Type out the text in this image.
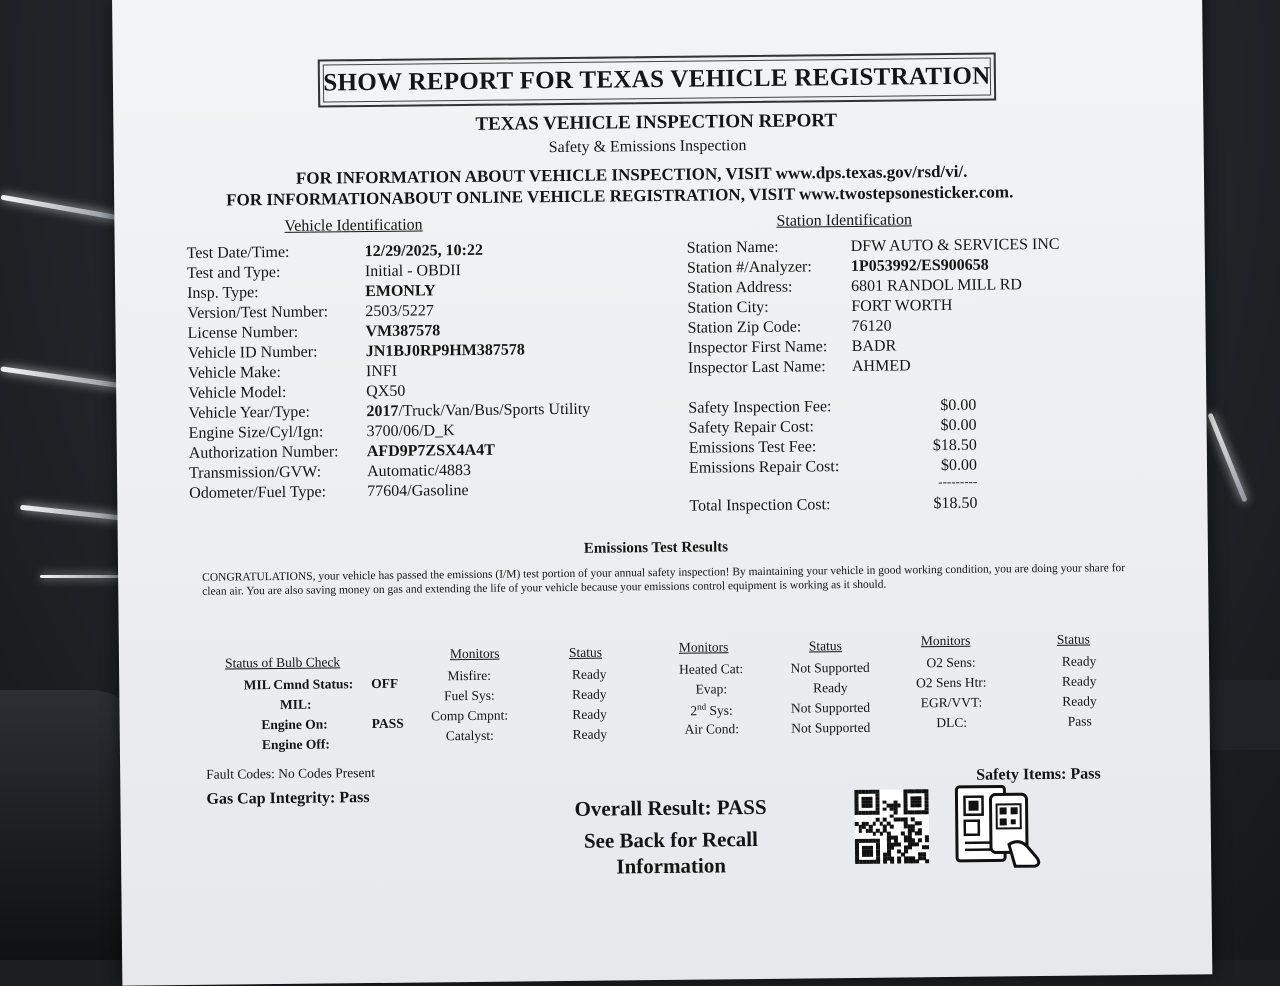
SHOW REPORT FOR TEXAS VEHICLE REGISTRATION
TEXAS VEHICLE INSPECTION REPORT
Safety & Emissions Inspection
FOR INFORMATION ABOUT VEHICLE INSPECTION, VISIT www.dps.texas.gov/rsd/vi/.
FOR INFORMATIONABOUT ONLINE VEHICLE REGISTRATION, VISIT www.twostepsonesticker.com.
Vehicle Identification
Test Date/Time:	12/29/2025, 10:22
Test and Type:	Initial - OBDII
Insp. Type:	EMONLY
Version/Test Number: 2503/5227
License Number:	VM387578
Vehicle ID Number:	JN1BJ0RP9HM387578
Vehicle Make:	INFI
Vehicle Model:	QX50
Vehicle Year/Type:	2017/Truck/Van/Bus/Sports Utility
Engine Size/Cyl/Ign:	3700/06/D_K
Authorization Number: AFD9P7ZSX4A4T
Transmission/GVW:	Automatic/4883
Odometer/Fuel Type:	77604/Gasoline
Station Identification
Station Name:	DFW AUTO & SERVICES INC
Station #/Analyzer: 1P053992/ES900658
Station Address:	6801 RANDOL MILL RD
Station City:	FORT WORTH
Station Zip Code:	76120
Inspector First Name: BADR
Inspector Last Name: AHMED
Safety Inspection Fee:	$0.00
Safety Repair Cost:	$0.00
Emissions Test Fee:	$18.50
Emissions Repair Cost:	$0.00
---------
Total Inspection Cost:	$18.50
Emissions Test Results
CONGRATULATIONS, your vehicle has passed the emissions (I/M) test portion of your annual safety inspection! By maintaining your vehicle in good working condition, you are doing your share for clean air. You are also saving money on gas and extending the life of your vehicle because your emissions control equipment is working as it should.
Status of Bulb Check
MIL Cmnd Status: OFF
MIL:
Engine On:	PASS
Engine Off:
Monitors	Status
Misfire:	Ready
Fuel Sys:	Ready
Comp Cmpnt:	Ready
Catalyst:	Ready
Monitors	Status
Heated Cat:	Not Supported
Evap:	Ready
2nd Sys:	Not Supported
Air Cond:	Not Supported
Monitors	Status
O2 Sens:	Ready
O2 Sens Htr:	Ready
EGR/VVT:	Ready
DLC:	Pass
Fault Codes: No Codes Present
Gas Cap Integrity: Pass	Overall Result: PASS
See Back for Recall
Information
Safety Items: Pass
